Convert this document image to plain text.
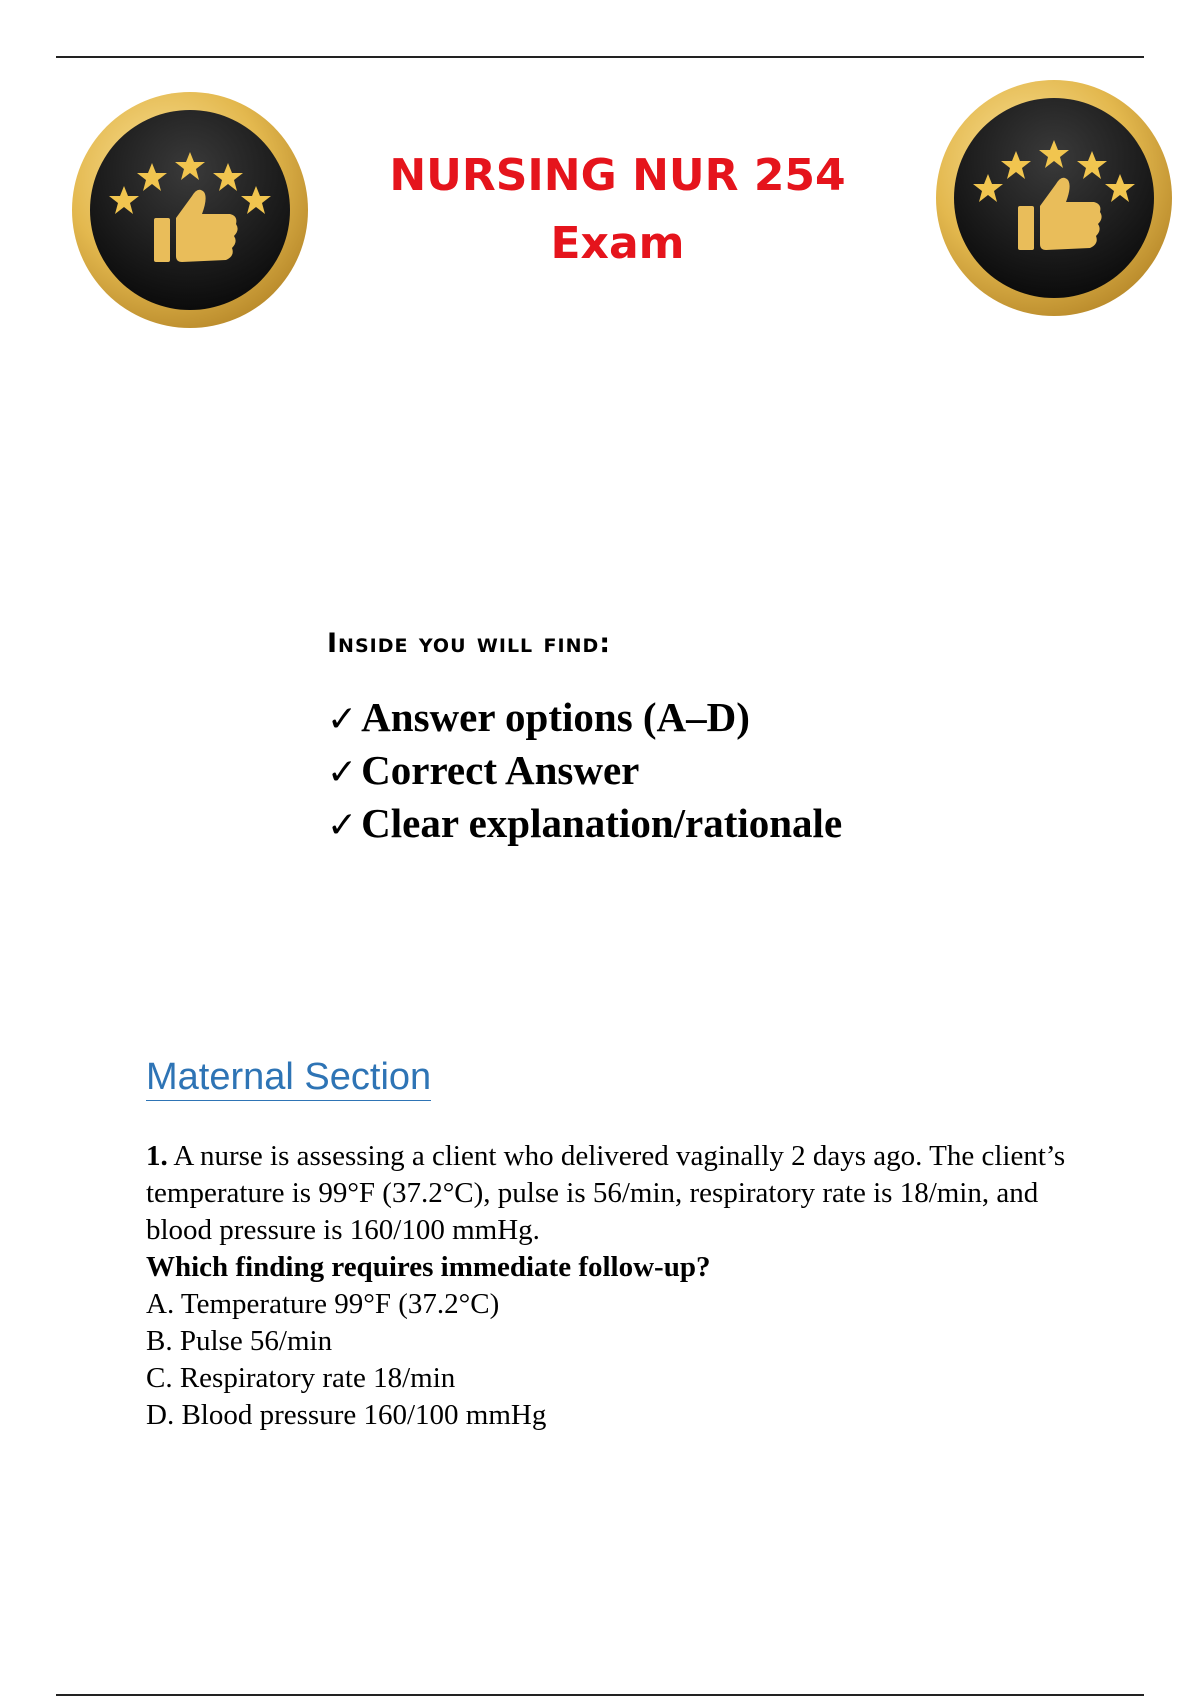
NURSING NUR 254
Exam
Inside you will find:
✓ Answer options (A–D)
✓ Correct Answer
✓ Clear explanation/rationale
Maternal Section
1. A nurse is assessing a client who delivered vaginally 2 days ago. The client’s temperature is 99°F (37.2°C), pulse is 56/min, respiratory rate is 18/min, and blood pressure is 160/100 mmHg.
Which finding requires immediate follow-up?
A. Temperature 99°F (37.2°C)
B. Pulse 56/min
C. Respiratory rate 18/min
D. Blood pressure 160/100 mmHg
